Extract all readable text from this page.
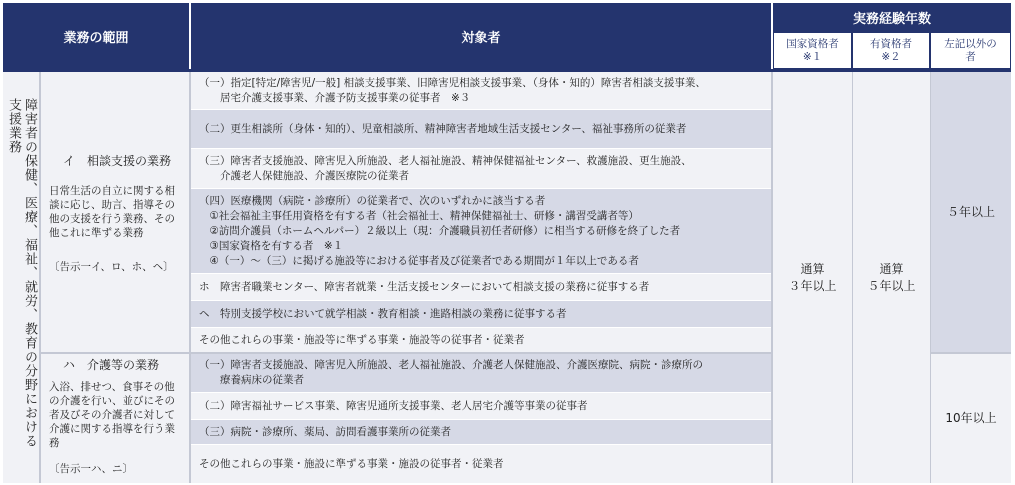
業務の範囲	対象者
実務経験年数
国家資格者
※１
有資格者
※２
左記以外の
者
障害者の保健、医療、福祉、就労、教育の分野における支援業務
イ　相談支援の業務
日常生活の自立に関する相
談に応じ、助言、指導その
他の支援を行う業務、その
他これに準ずる業務
〔告示一イ、ロ、ホ、ヘ〕
ハ　介護等の業務
入浴、排せつ、食事その他
の介護を行い、並びにその
者及びその介護者に対して
介護に関する指導を行う業
務
〔告示一ハ、ニ〕
（一）指定[特定/障害児/一般] 相談支援事業、旧障害児相談支援事業、（身体・知的）障害者相談支援事業、
　　居宅介護支援事業、介護予防支援事業の従事者　※３
（二）更生相談所（身体・知的）、児童相談所、精神障害者地域生活支援センター、福祉事務所の従業者
（三）障害者支援施設、障害児入所施設、老人福祉施設、精神保健福祉センター、救護施設、更生施設、
　　介護老人保健施設、介護医療院の従業者
（四）医療機関（病院・診療所）の従業者で、次のいずれかに該当する者
　①社会福祉主事任用資格を有する者（社会福祉士、精神保健福祉士、研修・講習受講者等）
　②訪問介護員（ホームヘルパー）２級以上（現：介護職員初任者研修）に相当する研修を終了した者
　③国家資格を有する者　※１
　④（一）～（三）に掲げる施設等における従事者及び従業者である期間が１年以上である者
ホ　障害者職業センター、障害者就業・生活支援センターにおいて相談支援の業務に従事する者
ヘ　特別支援学校において就学相談・教育相談・進路相談の業務に従事する者
その他これらの事業・施設等に準ずる事業・施設等の従事者・従業者
（一）障害者支援施設、障害児入所施設、老人福祉施設、介護老人保健施設、介護医療院、病院・診療所の
　　療養病床の従業者
（二）障害福祉サービス事業、障害児通所支援事業、老人居宅介護等事業の従事者
（三）病院・診療所、薬局、訪問看護事業所の従業者
その他これらの事業・施設に準ずる事業・施設の従事者・従業者
通算
３年以上
通算
５年以上
５年以上
10年以上
